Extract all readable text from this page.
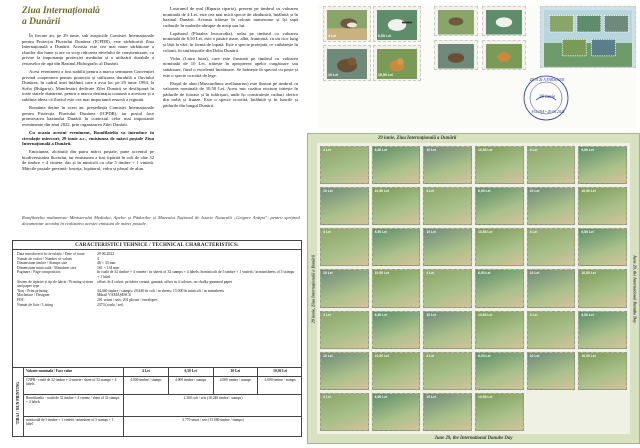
Ziua Internațională
a Dunării

În fiecare an, pe 29 iunie, sub auspiciile Comisiei Internaționale pentru Protecția Fluviului Dunărea (ICPDR), este sărbătorită Ziua Internațională a Dunării. Aceasta este cea mai mare sărbătoare a râurilor din lume și are ca scop ridicarea nivelului de conștientizare, cu privire la importanța protecției mediului și a utilizării durabile a resurselor de apă din Bazinul Hidrografic al Dunării.

Acest eveniment a fost stabilit pentru a marca semnarea Convenției privind cooperarea pentru protecția și utilizarea durabilă a fluviului Dunărea, în cadrul unei întâlniri care a avut loc pe 29 iunie 1994, la Sofia (Bulgaria). Manifestări dedicate Zilei Dunării se desfășoară în toate statele dunărene, pentru a marca destinația comună a acestora și a sublinia ideea că fluviul este cea mai importantă resursă a regiunii.

România deține în acest an, președinția Comisiei Internaționale pentru Protecția Fluviului Dunărea (ICPDR), iar postul face promovarea bazinului Dunării în contextul celor mai importante evenimente din anul 2022, prin organizarea Zilei Dunării.

Cu ocazia acestui eveniment, Romfilatelia va introduce în circulație miercuri, 29 iunie a.c., emisiunea de mărci poștale Ziua Internațională a Dunării.

Emisiunea, alcătuită din patru mărci poștale, pune accentul pe biodiversitatea fluviului, iar emisiunea a fost tipărită în coli de câte 32 de timbre + 4 viniete, dar și în minicoli cu câte 5 timbre + 1 vinietă. Mărcile poștale prezintă: lostrița, lopătarul, vidra și pârșul de alun.

Lostrunul de mal (Riparia riparia), prezent pe timbrul cu valoarea nominală de 4 Lei, este cea mai mică specie de rândunică, întâlnită și în bazinul Dunării. Aceasta trăiește în colonii numeroase și își sapă cuiburile în malurile abrupte de nisip sau lut.

Lopătarul (Platalea leucorodia), redat pe timbrul cu valoarea nominală de 6,50 Lei, este o pasăre mare, albă, frumoasă, cu un cioc lung și lățit la vârf, în formă de lopată. Este o specie protejată, ce cuibărește în colonii, în stufărișurile din Delta Dunării.

Vidra (Lutra lutra), care este ilustrată pe timbrul cu valoarea nominală de 10 Lei, trăiește în apropierea apelor curgătoare sau stătătoare, fiind o excelentă înotătoare. Se hrănește în special cu pește și este o specie ocrotită de lege.

Pârșul de alun (Muscardinus avellanarius) este ilustrat pe timbrul cu valoarea nominală de 10,50 Lei. Acest mic rozător nocturn trăiește în pădurile de foioase și în tufărișuri, unde își construiește cuiburi sferice din iarbă și frunze. Este o specie ocrotită, întâlnită și în luncile și pădurile din lungul Dunării.

Romfilatelia mulțumește Ministerului Mediului, Apelor și Pădurilor și Muzeului Național de Istorie Naturală „Grigore Antipa”, pentru sprijinul documentar acordat în realizarea acestei emisiuni de mărci poștale.
CARACTERISTICI TEHNICE / TECHNICAL CHARACTERISTICS:
Data introducerii în circulație / Date of issue	29.06.2022
Număr de valori / Number of values	4
Dimensiune timbre / Stamps size	48 × 33 mm
Dimensiune minicoală / Minisheet size	161 × 134 mm
Paginare / Page composition	în coală de 32 timbre + 4 viniete / in sheets of 32 stamps + 4 labels; în minicoli de 5 timbre + 1 vinietă / in minisheets of 5 stamps + 1 label
Sistem de tipărire și tip de hârtie / Printing system and paper type
offset, în 4 culori, pe hârtie cretată, gumată; offset in 4 colours, on chalky gummed paper
Tiraj / Print printing	44.440 timbre / stamps; 29.440 în coli / in sheets; 15.000 în minicoli / in minisheets
Machetare / Designer	Mihail VĂMĂȘESCU
FDC	201 seturi / sets; 201 plicuri / envelopes
Număr de liste / Listing	2373 (coala / set)
TIRAJ / RUN PRINTING
Valoare nominală / Face value	4 Lei	6,50 Lei	10 Lei	10,50 Lei
CNPR - coală de 32 timbre + 4 viniete / sheet of 32 stamps + 4 labels
4.000 timbre / stamps	4.000 timbre / stamps	4.000 timbre / stamps	4.000 timbre / stamps
Romfilatelia - coală de 32 timbre + 4 viniete / sheet of 32 stamps + 4 labels
2.360 coli / sets (10.240 timbre / stamps)
minicoală de 5 timbre + 1 vinietă / minisheet of 5 stamps + 1 label
3.770 seturi / sets (15.080 timbre / stamps)
4 Lei	6,50 Lei
10 Lei	10,50 Lei
ZIUA ZI A EMISIUNII
29 iunie
SULINA • 29.06.2022
29 iunie, Ziua Internațională a Dunării
June 29, the International Danube Day
29 iunie, Ziua Internațională a Dunării	June 29, the International Danube Day
4 Lei	6,50 Lei	10 Lei	10,50 Lei	4 Lei	6,50 Lei
10 Lei	10,50 Lei	4 Lei	6,50 Lei	10 Lei	10,50 Lei
4 Lei	6,50 Lei	10 Lei	10,50 Lei	4 Lei	6,50 Lei
10 Lei	10,50 Lei	4 Lei	6,50 Lei	10 Lei	10,50 Lei
4 Lei	6,50 Lei	10 Lei	10,50 Lei	4 Lei	6,50 Lei
10 Lei	10,50 Lei	4 Lei	6,50 Lei	10 Lei	10,50 Lei
4 Lei	6,50 Lei	10 Lei	10,50 Lei
